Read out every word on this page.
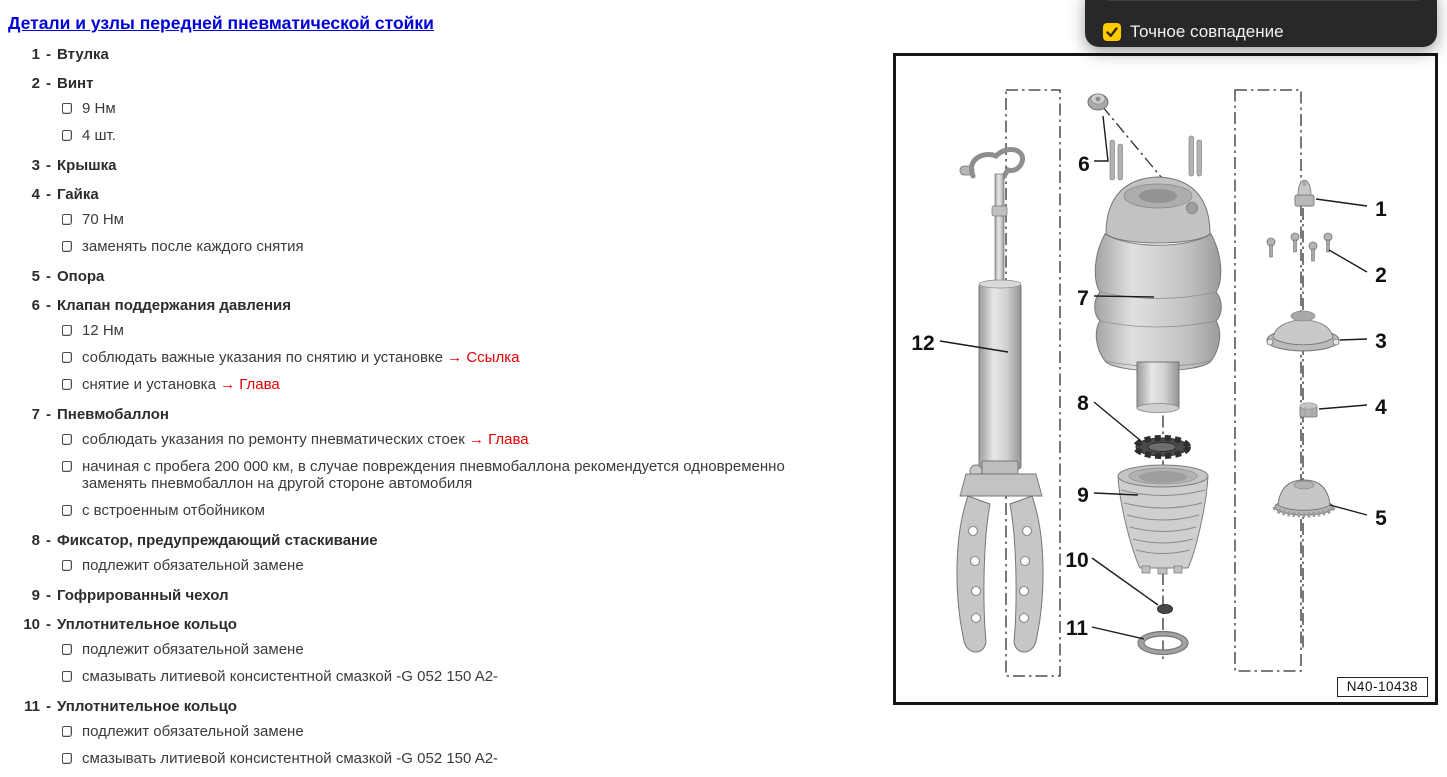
Детали и узлы передней пневматической стойки
1 - Втулка
2 - Винт
9 Нм
4 шт.
3 - Крышка
4 - Гайка
70 Нм
заменять после каждого снятия
5 - Опора
6 - Клапан поддержания давления
12 Нм
соблюдать важные указания по снятию и установке → Ссылка
снятие и установка → Глава
7 - Пневмобаллон
соблюдать указания по ремонту пневматических стоек → Глава
начиная с пробега 200 000 км, в случае повреждения пневмобаллона рекомендуется одновременно заменять пневмобаллон на другой стороне автомобиля
с встроенным отбойником
8 - Фиксатор, предупреждающий стаскивание
подлежит обязательной замене
9 - Гофрированный чехол
10 - Уплотнительное кольцо
подлежит обязательной замене
смазывать литиевой консистентной смазкой -G 052 150 A2-
11 - Уплотнительное кольцо
подлежит обязательной замене
смазывать литиевой консистентной смазкой -G 052 150 A2-
1
2
3
4
5
6
7
8
9
10
11
12
N40-10438
Точное совпадение
